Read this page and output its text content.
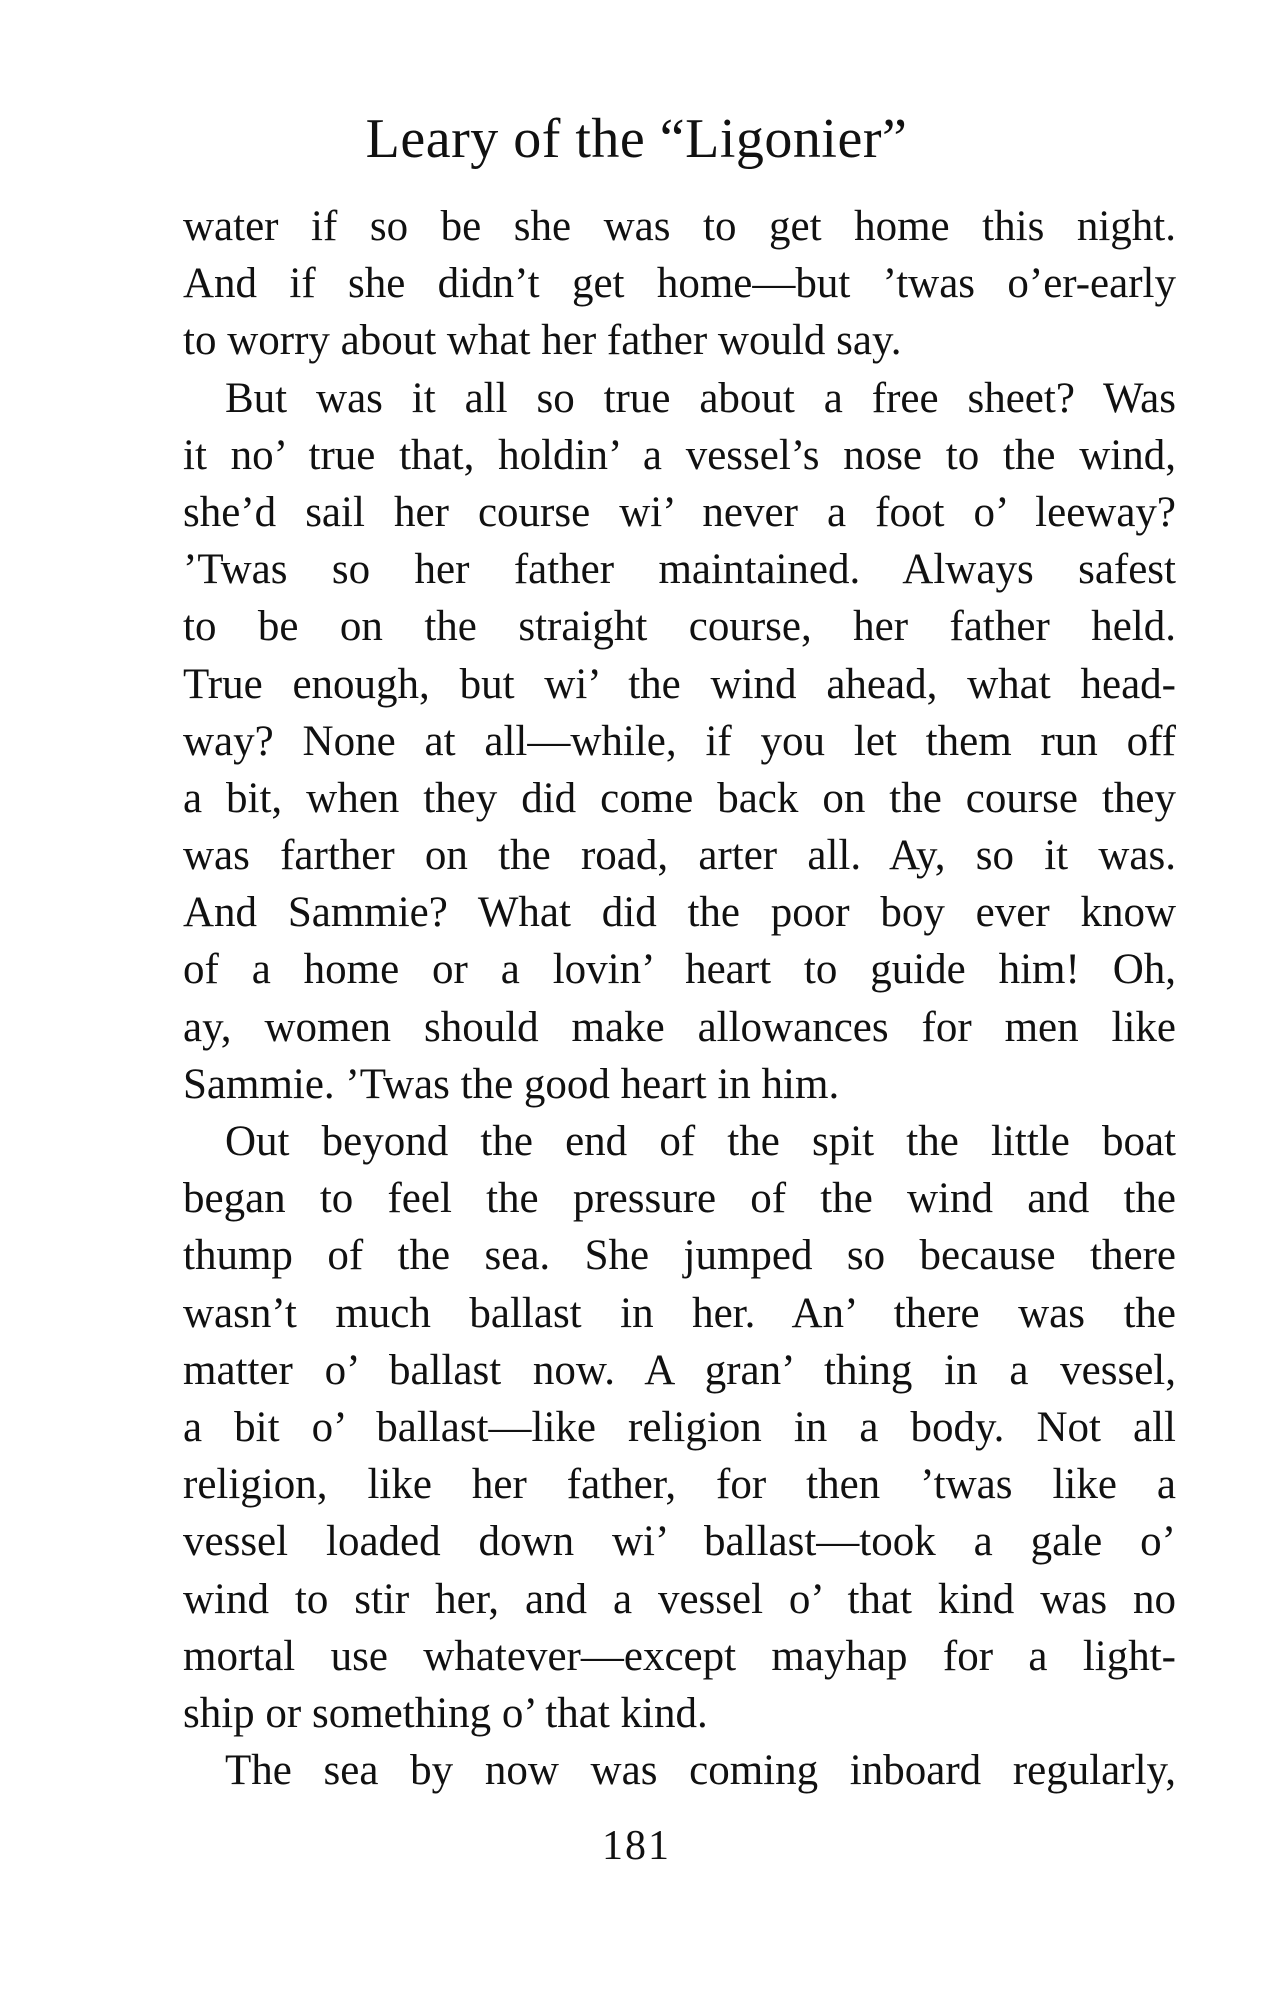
Leary of the “Ligonier”
water if so be she was to get home this night.
And if she didn’t get home—but ’twas o’er-early
to worry about what her father would say.
But was it all so true about a free sheet? Was
it no’ true that, holdin’ a vessel’s nose to the wind,
she’d sail her course wi’ never a foot o’ leeway?
’Twas so her father maintained. Always safest
to be on the straight course, her father held.
True enough, but wi’ the wind ahead, what head-
way? None at all—while, if you let them run off
a bit, when they did come back on the course they
was farther on the road, arter all. Ay, so it was.
And Sammie? What did the poor boy ever know
of a home or a lovin’ heart to guide him! Oh,
ay, women should make allowances for men like
Sammie. ’Twas the good heart in him.
Out beyond the end of the spit the little boat
began to feel the pressure of the wind and the
thump of the sea. She jumped so because there
wasn’t much ballast in her. An’ there was the
matter o’ ballast now. A gran’ thing in a vessel,
a bit o’ ballast—like religion in a body. Not all
religion, like her father, for then ’twas like a
vessel loaded down wi’ ballast—took a gale o’
wind to stir her, and a vessel o’ that kind was no
mortal use whatever—except mayhap for a light-
ship or something o’ that kind.
The sea by now was coming inboard regularly,
181
